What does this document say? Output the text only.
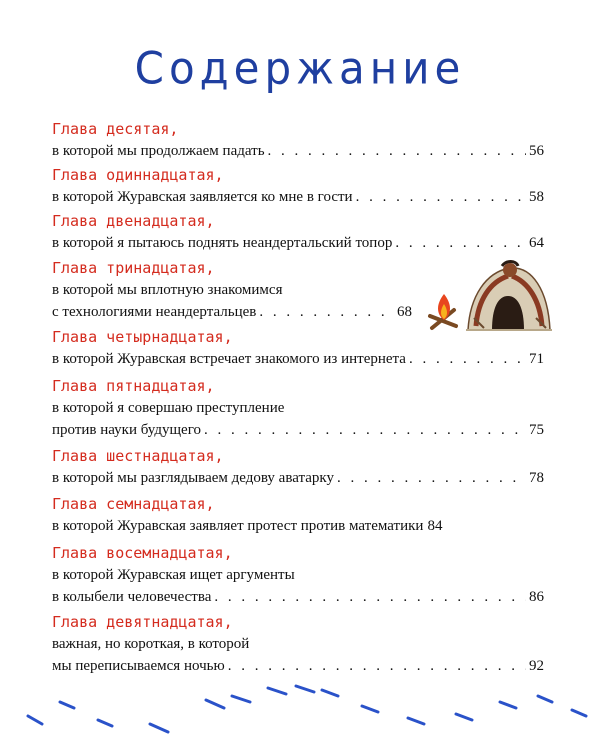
Содержание
Глава десятая,
в которой мы продолжаем падать . . .	56
Глава одиннадцатая,
в которой Журавская заявляется ко мне в гости . . .	58
Глава двенадцатая,
в которой я пытаюсь поднять неандертальский топор . . .	64
Глава тринадцатая,
в которой мы вплотную знакомимся
с технологиями неандертальцев . . .	68
Глава четырнадцатая,
в которой Журавская встречает знакомого из интернета . . .	71
Глава пятнадцатая,
в которой я совершаю преступление
против науки будущего . . .	75
Глава шестнадцатая,
в которой мы разглядываем дедову аватарку . . .	78
Глава семнадцатая,
в которой Журавская заявляет протест против математики 84
Глава восемнадцатая,
в которой Журавская ищет аргументы
в колыбели человечества . . .	86
Глава девятнадцатая,
важная, но короткая, в которой
мы переписываемся ночью . . .	92
